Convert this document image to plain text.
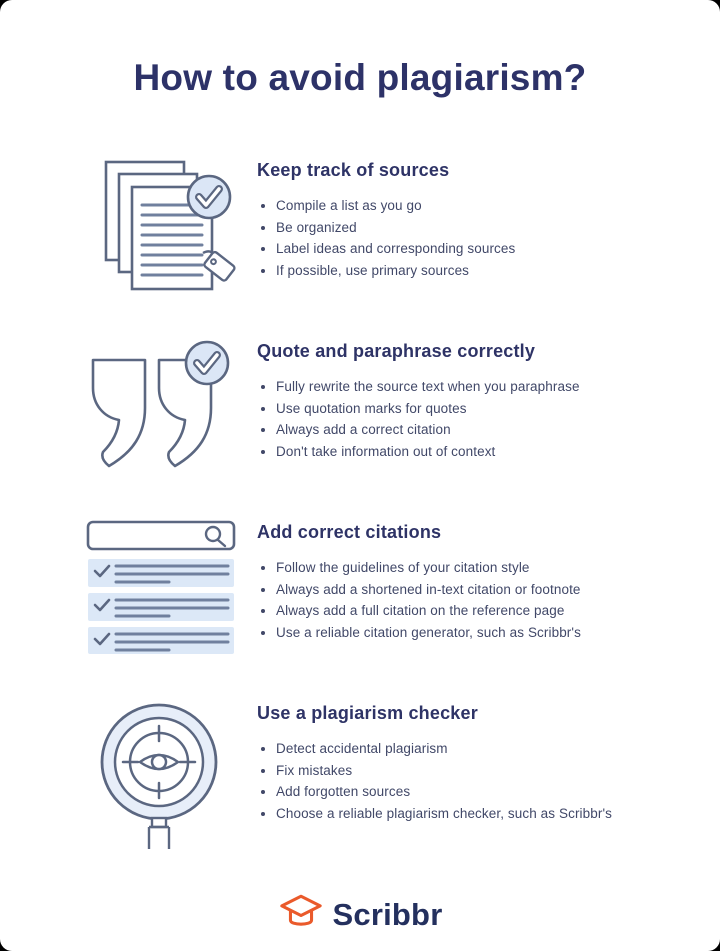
How to avoid plagiarism?
Keep track of sources
• Compile a list as you go
• Be organized
• Label ideas and corresponding sources
• If possible, use primary sources
Quote and paraphrase correctly
• Fully rewrite the source text when you paraphrase
• Use quotation marks for quotes
• Always add a correct citation
• Don't take information out of context
Add correct citations
• Follow the guidelines of your citation style
• Always add a shortened in-text citation or footnote
• Always add a full citation on the reference page
• Use a reliable citation generator, such as Scribbr's
Use a plagiarism checker
• Detect accidental plagiarism
• Fix mistakes
• Add forgotten sources
• Choose a reliable plagiarism checker, such as Scribbr's
Scribbr
